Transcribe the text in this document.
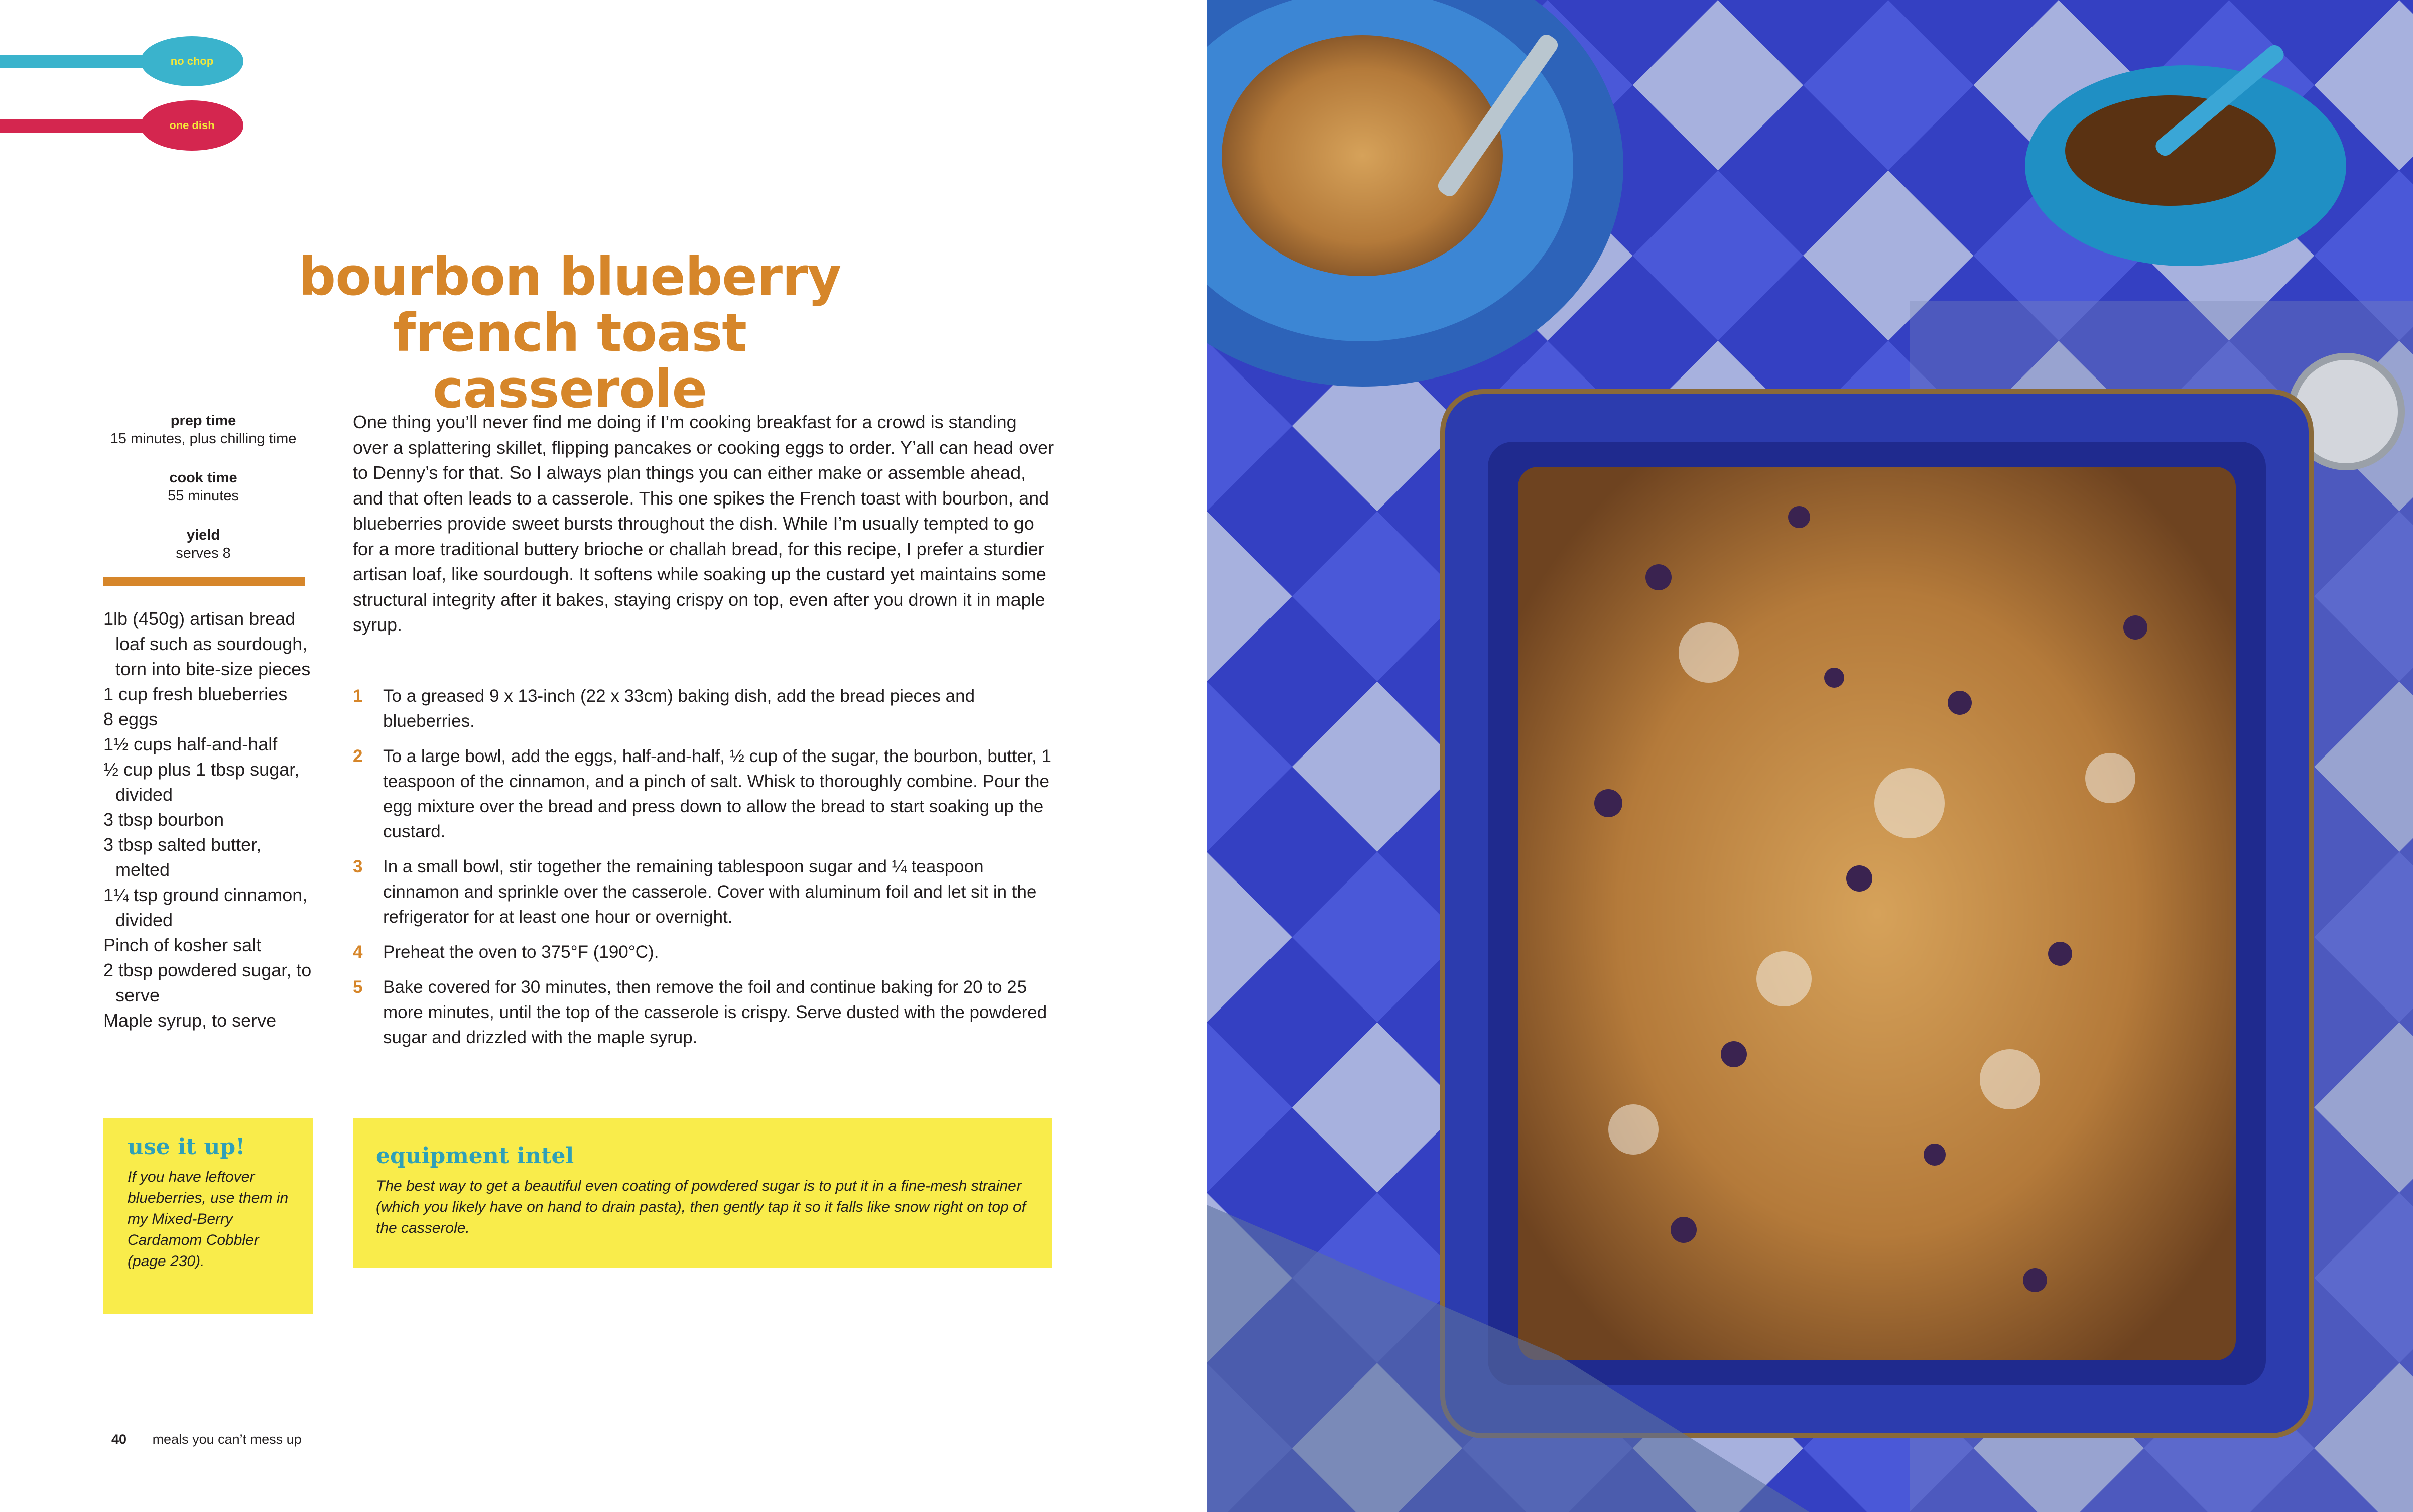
no chop
one dish
bourbon blueberry
french toast casserole
prep time
15 minutes, plus chilling time
cook time
55 minutes
yield
serves 8
1lb (450g) artisan bread loaf such as sourdough, torn into bite-size pieces
1 cup fresh blueberries
8 eggs
1½ cups half-and-half
½ cup plus 1 tbsp sugar, divided
3 tbsp bourbon
3 tbsp salted butter, melted
1¼ tsp ground cinnamon, divided
Pinch of kosher salt
2 tbsp powdered sugar, to serve
Maple syrup, to serve
One thing you’ll never find me doing if I’m cooking breakfast for a crowd is standing over a splattering skillet, flipping pancakes or cooking eggs to order. Y’all can head over to Denny’s for that. So I always plan things you can either make or assemble ahead, and that often leads to a casserole. This one spikes the French toast with bourbon, and blueberries provide sweet bursts throughout the dish. While I’m usually tempted to go for a more traditional buttery brioche or challah bread, for this recipe, I prefer a sturdier artisan loaf, like sourdough. It softens while soaking up the custard yet maintains some structural integrity after it bakes, staying crispy on top, even after you drown it in maple syrup.
1	To a greased 9 x 13-inch (22 x 33cm) baking dish, add the bread pieces and blueberries.
2	To a large bowl, add the eggs, half-and-half, ½ cup of the sugar, the bourbon, butter, 1 teaspoon of the cinnamon, and a pinch of salt. Whisk to thoroughly combine. Pour the egg mixture over the bread and press down to allow the bread to start soaking up the custard.
3	In a small bowl, stir together the remaining tablespoon sugar and ¼ teaspoon cinnamon and sprinkle over the casserole. Cover with aluminum foil and let sit in the refrigerator for at least one hour or overnight.
4	Preheat the oven to 375°F (190°C).
5	Bake covered for 30 minutes, then remove the foil and continue baking for 20 to 25 more minutes, until the top of the casserole is crispy. Serve dusted with the powdered sugar and drizzled with the maple syrup.
use it up!
If you have leftover blueberries, use them in my Mixed-Berry Cardamom Cobbler (page 230).
equipment intel
The best way to get a beautiful even coating of powdered sugar is to put it in a fine-mesh strainer (which you likely have on hand to drain pasta), then gently tap it so it falls like snow right on top of the casserole.
40 meals you can’t mess up
